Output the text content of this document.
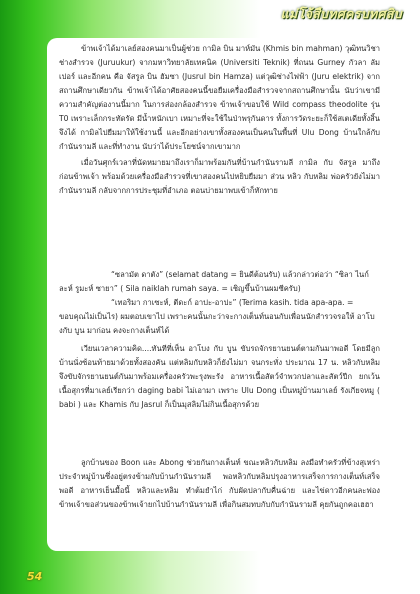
แม่โจ้สืบทศครบทศสิบ

ข้าพเจ้าได้มาเลย์สองคนมาเป็นผู้ช่วย กามิล บิน มาห์มัน (Khmis bin mahman) วุฒิทนวิชาช่างสำรวจ (Juruukur) จากมหาวิทยาลัยเทคนิค (Universiti Teknik) ที่ถนน Gurney กัวลา ลัมเปอร์ และอีกคน คือ จัสรูล บิน ฮัมซา (Jusrul bin Hamza) แต่วุฒิช่างไฟฟ้า (Juru elektrik) จากสถานศึกษาเดียวกัน ข้าพเจ้าได้อาศัยสองคนนี้ขอยืมเครื่องมือสำรวจจากสถานศึกษานั้น นับว่าเขามีความสำคัญต่องานนี้มาก ในการส่องกล้องสำรวจ ข้าพเจ้าขอบใช้ Wild compass theodolite รุ่น T0 เพราะเล็กกระทัดรัด มีน้ำหนักเบา เหมาะที่จะใช้ในป่าพรุกันดาร ทั้งการวัดระยะก็ใช้สเตเดียทั้งสิ้น จึงได้ กามิลไปยืมมาให้ใช้งานนี้ และอีกอย่างเขาทั้งสองคนเป็นคนในพื้นที่ Ulu Dong บ้านใกล้กับกำนันรามลี และที่ทำงาน นับว่าได้ประโยชน์จากเขามาก

เมื่อวันศุกร์เวลาที่นัดหมายมาถึงเราก็มาพร้อมกันที่บ้านกำนันรามลี กามิล กับ จัสรูล มาถึงก่อนข้าพเจ้า พร้อมด้วยเครื่องมือสำรวจที่เขาสองคนไปหยิบยืมมา ส่วน หลิว กับหลิม พ่อครัวยังไม่มา กำนันรามลี กลับจากการประชุมที่อำเภอ ตอนบ่ายมาพบเข้าก็ทักทาย

“ซลามัต ดาตัง” (selamat datang = ยินดีต้อนรับ) แล้วกล่าวต่อว่า “ซิลา ไนก์ละห์ รูมะห์ ซายา” ( Sila naiklah rumah saya. = เชิญขึ้นบ้านผมซีครับ)

“เทอริมา กาเซะห์, ตีดะก์ อาปะ-อาปะ” (Terima kasih. tida apa-apa. = ขอบคุณไม่เป็นไร) ผมตอบเขาไป เพราะคนนั้นกะว่าจะกางเต็นท์นอนกับเพื่อนนักสำรวจรอให้ อาโบงกับ บูน มาก่อน คงจะกางเต็นท์ได้

เวียนเวลาความคิด....ทันทีที่เห็น อาโบง กับ บูน ขับรถจักรยานยนต์ตามกันมาพอดี โดยมีลูกบ้านนั่งซ้อนท้ายมาด้วยทั้งสองคัน แต่หลิมกับหลิวก็ยังไม่มา จนกระทั่ง ประมาณ 17 น. หลิวกับหลิม จึงขับจักรยานยนต์กันมาพร้อมเครื่องครัวพะรุงพะรัง อาหารเนื้อสัตว์จำพวกปลาและสัตว์ปีก ยกเว้นเนื้อสุกรที่มาเลย์เรียกว่า daging babi ไม่เอามา เพราะ Ulu Dong เป็นหมู่บ้านมาเลย์ รังเกียจหมู ( babi ) และ Khamis กับ Jasrul ก็เป็นมุสลิมไม่กินเนื้อสุกรด้วย

ลูกบ้านของ Boon และ Abong ช่วยกันกางเต็นท์ ขณะหลิวกับหลิม ลงมือทำครัวที่ข้างสุเหร่าประจำหมู่บ้านซึ่งอยู่ตรงข้ามกับบ้านกำนันรามลี พอหลิวกับหลิมปรุงอาหารเสร็จการกางเต็นท์เสร็จพอดี อาหารเย็นมื้อนี้ หลิวและหลิม ทำต้มยำไก่ กับผัดปลากับคื่นฉ่าย และไข่ดาวอีกคนละฟอง ข้าพเจ้าขอส่วนของข้าพเจ้ายกไปบ้านกำนันรามลี เพื่อกินสมทบกับกับกำนันรามลี คุยกันถูกคอเฮฮา

54
